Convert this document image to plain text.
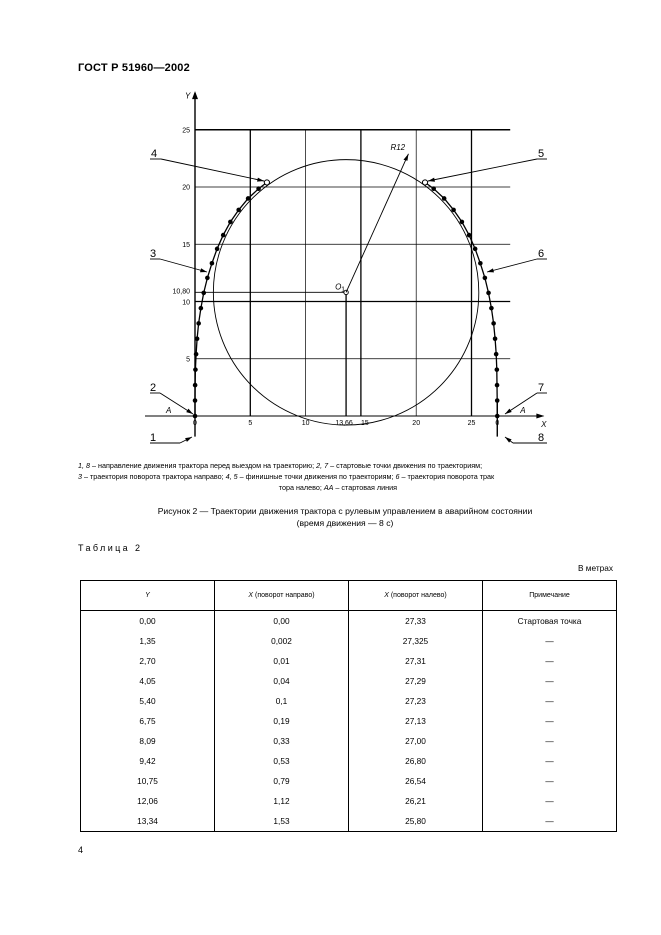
ГОСТ Р 51960—2002
Y
X
25
20
15
10,80
10
5
0	5	10	13,66 15	20	25	0
A	A
R12
O 1
1
2
3
4	5
6
7
8
1, 8 – направление движения трактора перед выездом на траекторию; 2, 7 – стартовые точки движения по траекториям;
3 – траектория поворота трактора направо; 4, 5 – финишные точки движения по траекториям; 6 – траектория поворота трак
тора налево; AA – стартовая линия
Рисунок 2 — Траектории движения трактора с рулевым управлением в аварийном состоянии
(время движения — 8 с)
Таблица 2
В метрах
Y	X (поворот направо)	X (поворот налево)	Примечание
0,00	0,00	27,33	Стартовая точка
1,35	0,002	27,325	—
2,70	0,01	27,31	—
4,05	0,04	27,29	—
5,40	0,1	27,23	—
6,75	0,19	27,13	—
8,09	0,33	27,00	—
9,42	0,53	26,80	—
10,75	0,79	26,54	—
12,06	1,12	26,21	—
13,34	1,53	25,80	—
4
